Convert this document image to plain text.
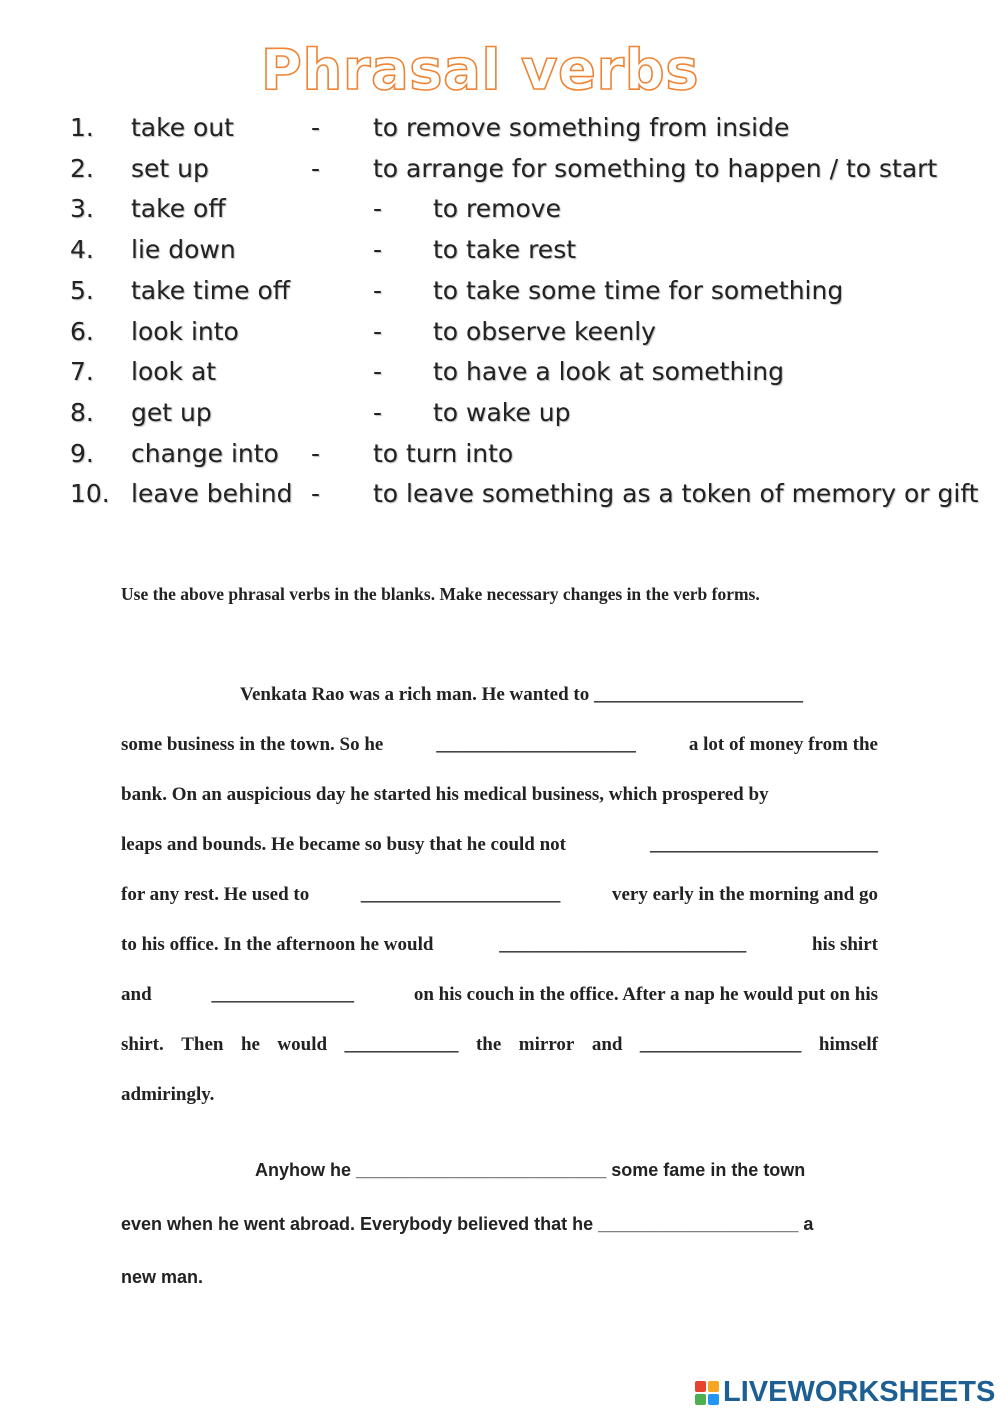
Phrasal verbs
1. take out	- to remove something from inside
2. set up	- to arrange for something to happen / to start
3. take off	- to remove
4. lie down	- to take rest
5. take time off	- to take some time for something
6. look into	- to observe keenly
7. look at	- to have a look at something
8. get up	- to wake up
9. change into - to turn into
10. leave behind - to leave something as a token of memory or gift
Use the above phrasal verbs in the blanks. Make necessary changes in the verb forms.
Venkata Rao was a rich man. He wanted to ______________________
some business in the town. So he	_____________________	a lot of money from the
bank. On an auspicious day he started his medical business, which prospered by
leaps and bounds. He became so busy that he could not	________________________
for any rest. He used to	_____________________	very early in the morning and go
to his office. In the afternoon he would	__________________________	his shirt
and	_______________	on his couch in the office. After a nap he would put on his
shirt. Then he would ____________ the mirror and _________________ himself
admiringly.
Anyhow he _________________________ some fame in the town
even when he went abroad. Everybody believed that he ____________________ a
new man.
LIVEWORKSHEETS
